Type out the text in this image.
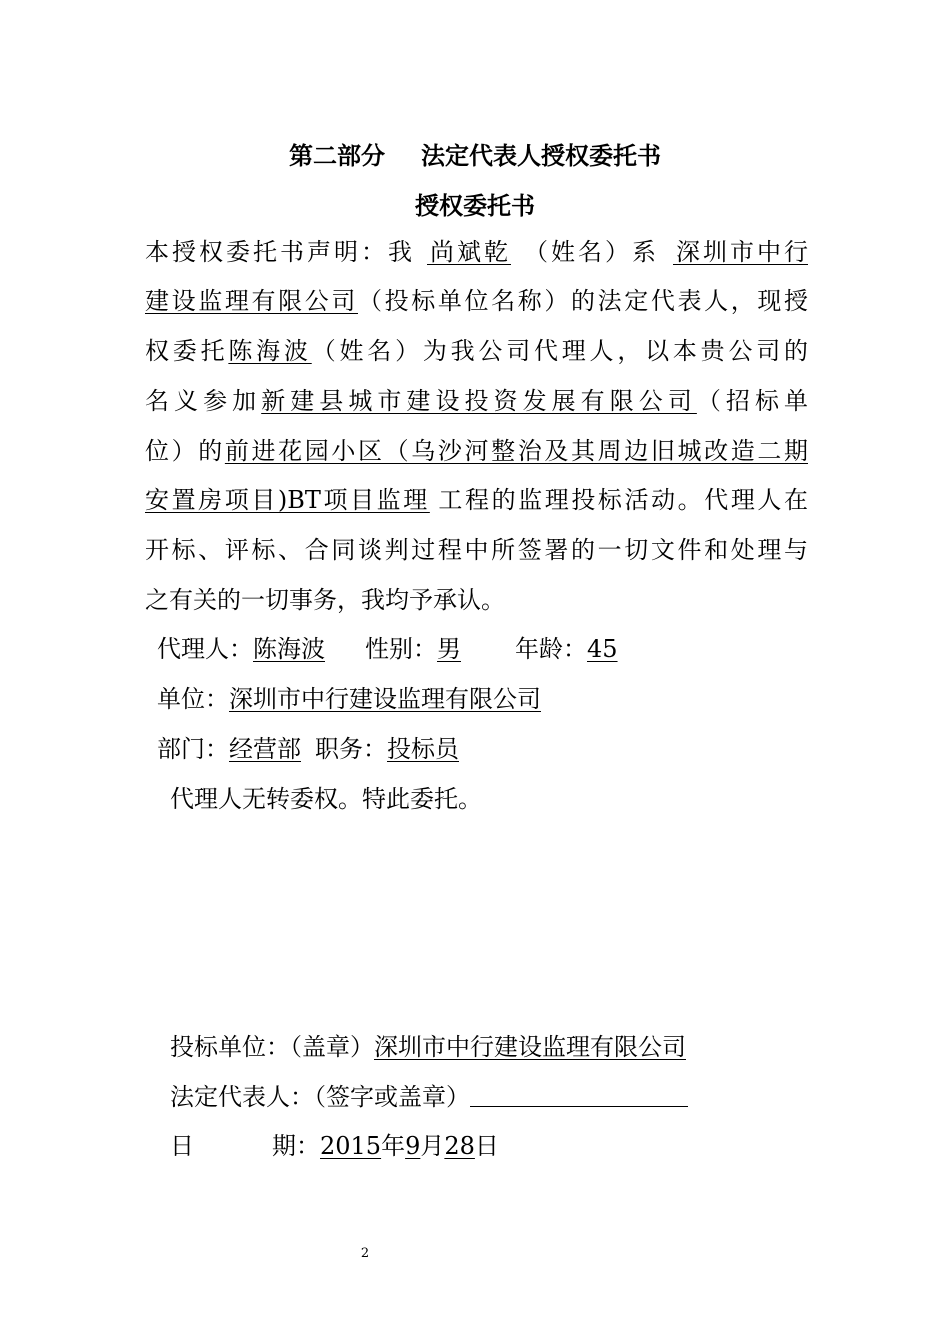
第二部分 法定代表人授权委托书
授权委托书
本授权委托书声明：我 尚斌乾 （姓名）系 深圳市中行
建设监理有限公司（投标单位名称）的法定代表人，现授
权委托陈海波（姓名）为我公司代理人，以本贵公司的
名义参加新建县城市建设投资发展有限公司（招标单
位）的前进花园小区（乌沙河整治及其周边旧城改造二期
安置房项目)BT项目监理 工程的监理投标活动。代理人在
开标、评标、合同谈判过程中所签署的一切文件和处理与
之有关的一切事务，我均予承认。
代理人：陈海波 性别：男 年龄：45
单位：深圳市中行建设监理有限公司
部门：经营部 职务：投标员
代理人无转委权。特此委托。
投标单位：（盖章）深圳市中行建设监理有限公司
法定代表人：（签字或盖章）
日	期：2015年9月28日
2
